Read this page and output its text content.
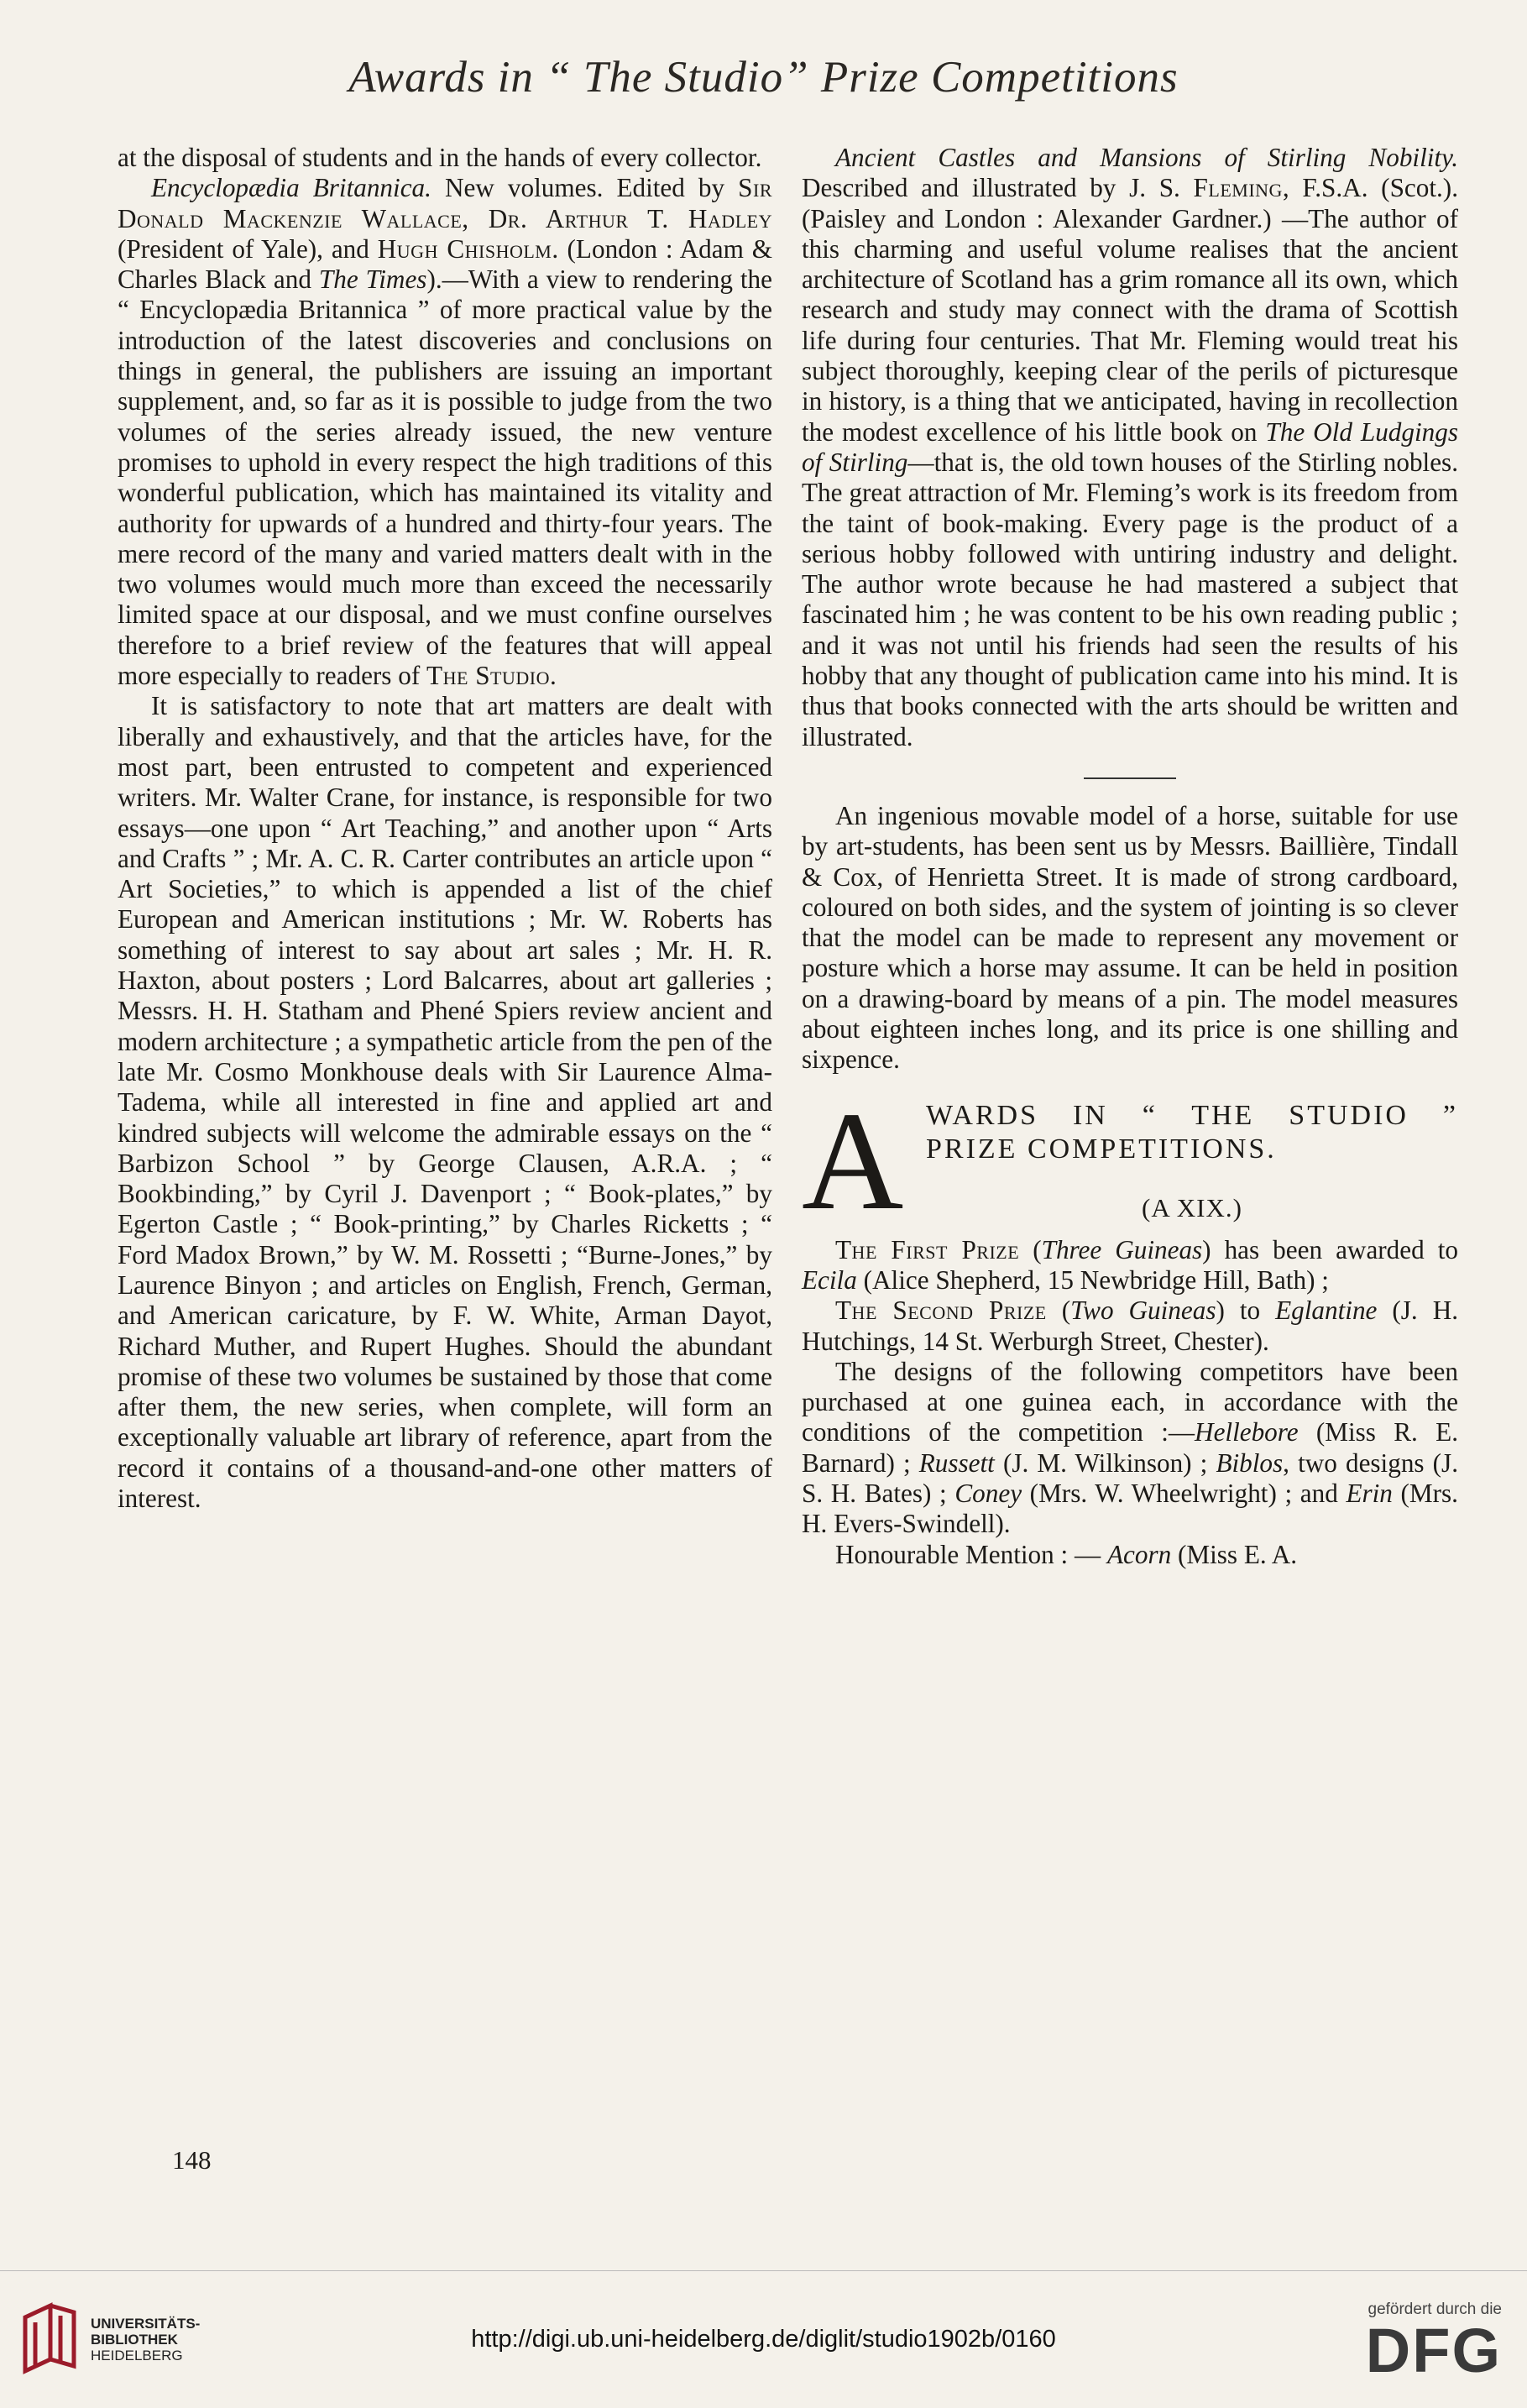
Awards in “ The Studio” Prize Competitions

at the disposal of students and in the hands of every collector.

Encyclopædia Britannica. New volumes. Edited by Sir Donald Mackenzie Wallace, Dr. Arthur T. Hadley (President of Yale), and Hugh Chisholm. (London : Adam & Charles Black and The Times).—With a view to rendering the “ Encyclopædia Britannica ” of more practical value by the introduction of the latest discoveries and conclusions on things in general, the publishers are issuing an important supplement, and, so far as it is possible to judge from the two volumes of the series already issued, the new venture promises to uphold in every respect the high traditions of this wonderful publication, which has maintained its vitality and authority for upwards of a hundred and thirty-four years. The mere record of the many and varied matters dealt with in the two volumes would much more than exceed the necessarily limited space at our disposal, and we must confine ourselves therefore to a brief review of the features that will appeal more especially to readers of The Studio.

It is satisfactory to note that art matters are dealt with liberally and exhaustively, and that the articles have, for the most part, been entrusted to competent and experienced writers. Mr. Walter Crane, for instance, is responsible for two essays—one upon “ Art Teaching,” and another upon “ Arts and Crafts ” ; Mr. A. C. R. Carter contributes an article upon “ Art Societies,” to which is appended a list of the chief European and American institutions ; Mr. W. Roberts has something of interest to say about art sales ; Mr. H. R. Haxton, about posters ; Lord Balcarres, about art galleries ; Messrs. H. H. Statham and Phené Spiers review ancient and modern architecture ; a sympathetic article from the pen of the late Mr. Cosmo Monkhouse deals with Sir Laurence Alma-Tadema, while all interested in fine and applied art and kindred subjects will welcome the admirable essays on the “ Barbizon School ” by George Clausen, A.R.A. ; “ Bookbinding,” by Cyril J. Davenport ; “ Book-plates,” by Egerton Castle ; “ Book-printing,” by Charles Ricketts ; “ Ford Madox Brown,” by W. M. Rossetti ; “Burne-Jones,” by Laurence Binyon ; and articles on English, French, German, and American caricature, by F. W. White, Arman Dayot, Richard Muther, and Rupert Hughes. Should the abundant promise of these two volumes be sustained by those that come after them, the new series, when complete, will form an exceptionally valuable art library of reference, apart from the record it contains of a thousand-and-one other matters of interest.

Ancient Castles and Mansions of Stirling Nobility. Described and illustrated by J. S. Fleming, F.S.A. (Scot.). (Paisley and London : Alexander Gardner.) —The author of this charming and useful volume realises that the ancient architecture of Scotland has a grim romance all its own, which research and study may connect with the drama of Scottish life during four centuries. That Mr. Fleming would treat his subject thoroughly, keeping clear of the perils of picturesque in history, is a thing that we anticipated, having in recollection the modest excellence of his little book on The Old Ludgings of Stirling—that is, the old town houses of the Stirling nobles. The great attraction of Mr. Fleming’s work is its freedom from the taint of book-making. Every page is the product of a serious hobby followed with untiring industry and delight. The author wrote because he had mastered a subject that fascinated him ; he was content to be his own reading public ; and it was not until his friends had seen the results of his hobby that any thought of publication came into his mind. It is thus that books connected with the arts should be written and illustrated.

An ingenious movable model of a horse, suitable for use by art-students, has been sent us by Messrs. Baillière, Tindall & Cox, of Henrietta Street. It is made of strong cardboard, coloured on both sides, and the system of jointing is so clever that the model can be made to represent any movement or posture which a horse may assume. It can be held in position on a drawing-board by means of a pin. The model measures about eighteen inches long, and its price is one shilling and sixpence.

A WARDS IN “ THE STUDIO ”
PRIZE COMPETITIONS.
(A XIX.)

The First Prize (Three Guineas) has been awarded to Ecila (Alice Shepherd, 15 Newbridge Hill, Bath) ;

The Second Prize (Two Guineas) to Eglantine (J. H. Hutchings, 14 St. Werburgh Street, Chester).

The designs of the following competitors have been purchased at one guinea each, in accordance with the conditions of the competition :—Hellebore (Miss R. E. Barnard) ; Russett (J. M. Wilkinson) ; Biblos, two designs (J. S. H. Bates) ; Coney (Mrs. W. Wheelwright) ; and Erin (Mrs. H. Evers-Swindell).

Honourable Mention : — Acorn (Miss E. A.

148
UNIVERSITÄTS-
BIBLIOTHEK
HEIDELBERG
http://digi.ub.uni-heidelberg.de/diglit/studio1902b/0160
gefördert durch die
DFG
